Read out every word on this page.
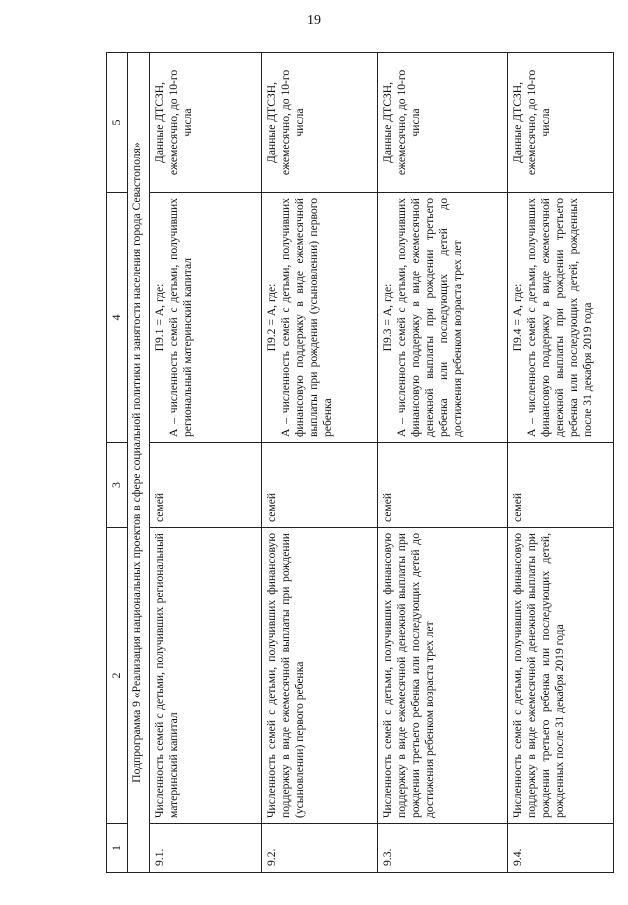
19
1	2	3	4	5
Подпрограмма 9 «Реализация национальных проектов в сфере социальной политики и занятости населения города Севастополя»				
9.1.	Численность семей с детьми, получивших региональный материнский капитал	семей	П9.1 = А, где: А – численность семей с детьми, получивших региональный материнский капитал	Данные ДТСЗН, ежемесячно, до 10-го числа
9.2.	Численность семей с детьми, получивших финансовую поддержку в виде ежемесячной выплаты при рождении (усыновлении) первого ребенка	семей	П9.2 = А, где: А – численность семей с детьми, получивших финансовую поддержку в виде ежемесячной выплаты при рождении (усыновлении) первого ребенка	Данные ДТСЗН, ежемесячно, до 10-го числа
9.3.	Численность семей с детьми, получивших финансовую поддержку в виде ежемесячной денежной выплаты при рождении третьего ребенка или последующих детей до достижения ребенком возраста трех лет	семей	П9.3 = А, где: А – численность семей с детьми, получивших финансовую поддержку в виде ежемесячной денежной выплаты при рождении третьего ребенка или последующих детей до достижения ребенком возраста трех лет	Данные ДТСЗН, ежемесячно, до 10-го числа
9.4.	Численность семей с детьми, получивших финансовую поддержку в виде ежемесячной денежной выплаты при рождении третьего ребенка или последующих детей, рожденных после 31 декабря 2019 года	семей	П9.4 = А, где: А – численность семей с детьми, получивших финансовую поддержку в виде ежемесячной денежной выплаты при рождении третьего ребенка или последующих детей, рожденных после 31 декабря 2019 года	Данные ДТСЗН, ежемесячно, до 10-го числа
